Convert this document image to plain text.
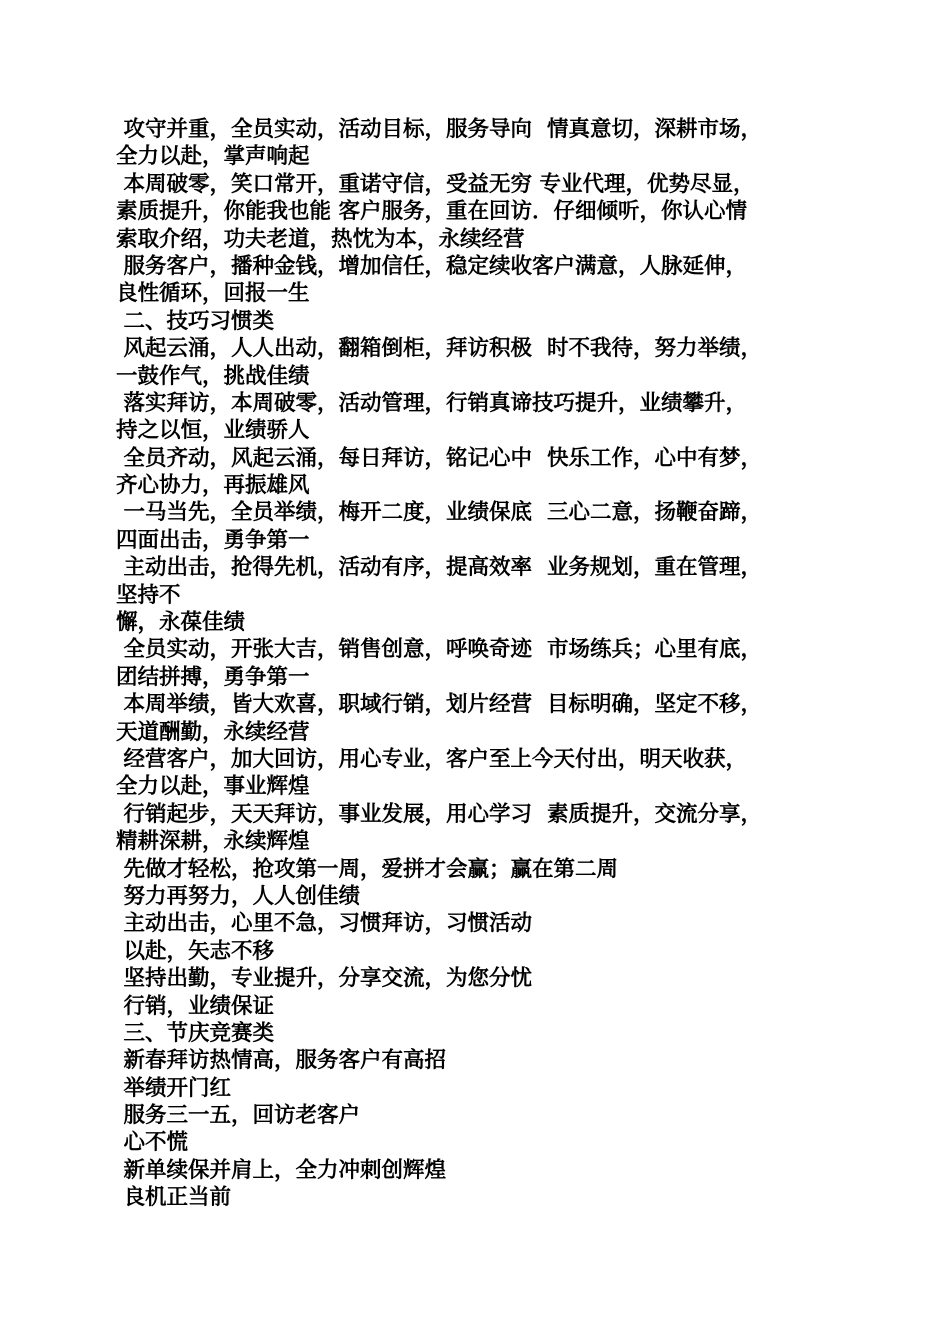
攻守并重，全员实动，活动目标，服务导向  情真意切，深耕市场，
全力以赴，掌声响起
本周破零，笑口常开，重诺守信，受益无穷 专业代理，优势尽显，
素质提升，你能我也能 客户服务，重在回访．仔细倾听，你认心情
索取介绍，功夫老道，热忱为本，永续经营
服务客户，播种金钱，增加信任，稳定续收客户满意，人脉延伸，
良性循环，回报一生
二、技巧习惯类
风起云涌，人人出动，翻箱倒柜，拜访积极  时不我待，努力举绩，
一鼓作气，挑战佳绩
落实拜访，本周破零，活动管理，行销真谛技巧提升，业绩攀升，
持之以恒，业绩骄人
全员齐动，风起云涌，每日拜访，铭记心中  快乐工作，心中有梦，
齐心协力，再振雄风
一马当先，全员举绩，梅开二度，业绩保底  三心二意，扬鞭奋蹄，
四面出击，勇争第一
主动出击，抢得先机，活动有序，提高效率  业务规划，重在管理，
坚持不
懈，永葆佳绩
全员实动，开张大吉，销售创意，呼唤奇迹  市场练兵；心里有底，
团结拼搏，勇争第一
本周举绩，皆大欢喜，职域行销，划片经营  目标明确，坚定不移，
天道酬勤，永续经营
经营客户，加大回访，用心专业，客户至上今天付出，明天收获，
全力以赴，事业辉煌
行销起步，天天拜访，事业发展，用心学习  素质提升，交流分享，
精耕深耕，永续辉煌
先做才轻松，抢攻第一周，爱拼才会赢；赢在第二周
努力再努力，人人创佳绩
主动出击，心里不急，习惯拜访，习惯活动
以赴，矢志不移
坚持出勤，专业提升，分享交流，为您分忧
行销，业绩保证
三、节庆竞赛类
新春拜访热情高，服务客户有高招
举绩开门红
服务三一五，回访老客户
心不慌
新单续保并肩上，全力冲刺创辉煌
良机正当前
